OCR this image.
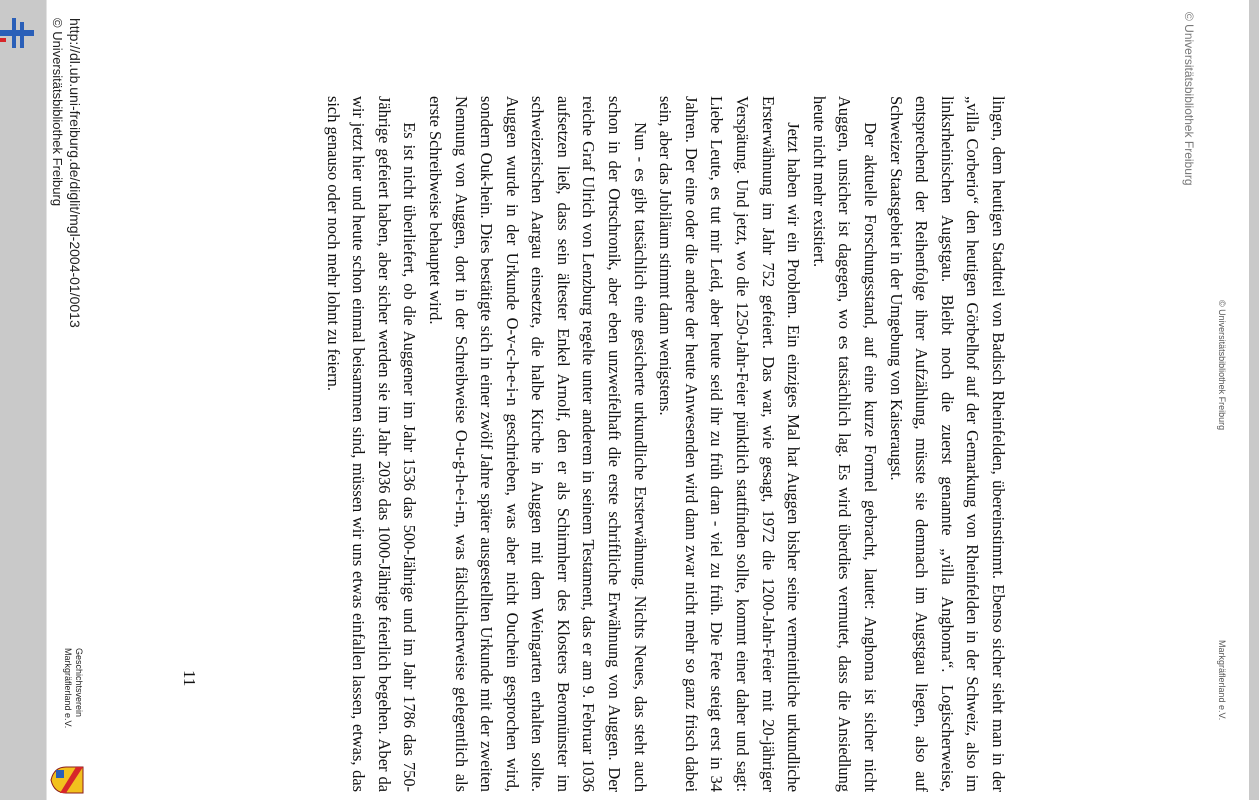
© Universitätsbibliothek Freiburg
Markgräflerland e.V.
© Universitätsbibliothek Freiburg

lingen, dem heutigen Stadtteil von Badisch Rheinfelden, übereinstimmt. Ebenso sicher sieht man in der „villa Corberio“ den heutigen Görbelhof auf der Gemarkung von Rheinfelden in der Schweiz, also im linksrheinischen Augstgau. Bleibt noch die zuerst genannte „villa Anghoma“. Logischerweise, entsprechend der Reihenfolge ihrer Aufzählung, müsste sie demnach im Augstgau liegen, also auf Schweizer Staatsgebiet in der Umgebung von Kaiseraugst.

Der aktuelle Forschungsstand, auf eine kurze Formel gebracht, lautet: Anghoma ist sicher nicht Auggen, unsicher ist dagegen, wo es tatsächlich lag. Es wird überdies vermutet, dass die Ansiedlung heute nicht mehr existiert.

Jetzt haben wir ein Problem. Ein einziges Mal hat Auggen bisher seine vermeintliche urkundliche Ersterwähnung im Jahr 752 gefeiert. Das war, wie gesagt, 1972 die 1200-Jahr-Feier mit 20-jähriger Verspätung. Und jetzt, wo die 1250-Jahr-Feier pünktlich stattfinden sollte, kommt einer daher und sagt: Liebe Leute, es tut mir Leid, aber heute seid ihr zu früh dran - viel zu früh. Die Fete steigt erst in 34 Jahren. Der eine oder die andere der heute Anwesenden wird dann zwar nicht mehr so ganz frisch dabei sein, aber das Jubiläum stimmt dann wenigstens.

Nun - es gibt tatsächlich eine gesicherte urkundliche Ersterwähnung. Nichts Neues, das steht auch schon in der Ortschronik, aber eben unzweifelhaft die erste schriftliche Erwähnung von Auggen. Der reiche Graf Ulrich von Lenzburg regelte unter anderem in seinem Testament, das er am 9. Februar 1036 aufsetzen ließ, dass sein ältester Enkel Arnolf, den er als Schirmherr des Klosters Beromünster im schweizerischen Aargau einsetzte, die halbe Kirche in Auggen mit dem Weingarten erhalten sollte. Auggen wurde in der Urkunde O-v-c-h-e-i-n geschrieben, was aber nicht Ouchein gesprochen wird, sondern Ouk-hein. Dies bestätigte sich in einer zwölf Jahre später ausgestellten Urkunde mit der zweiten Nennung von Auggen, dort in der Schreibweise O-u-g-h-e-i-m, was fälschlicherweise gelegentlich als erste Schreibweise behauptet wird.

Es ist nicht überliefert, ob die Auggener im Jahr 1536 das 500-Jährige und im Jahr 1786 das 750-Jährige gefeiert haben, aber sicher werden sie im Jahr 2036 das 1000-Jährige feierlich begehen. Aber da wir jetzt hier und heute schon einmal beisammen sind, müssen wir uns etwas einfallen lassen, etwas, das sich genauso oder noch mehr lohnt zu feiern.

11
http://dl.ub.uni-freiburg.de/diglit/mgl-2004-01/0013
© Universitätsbibliothek Freiburg
Geschichtsverein
Markgräflerland e.V.
